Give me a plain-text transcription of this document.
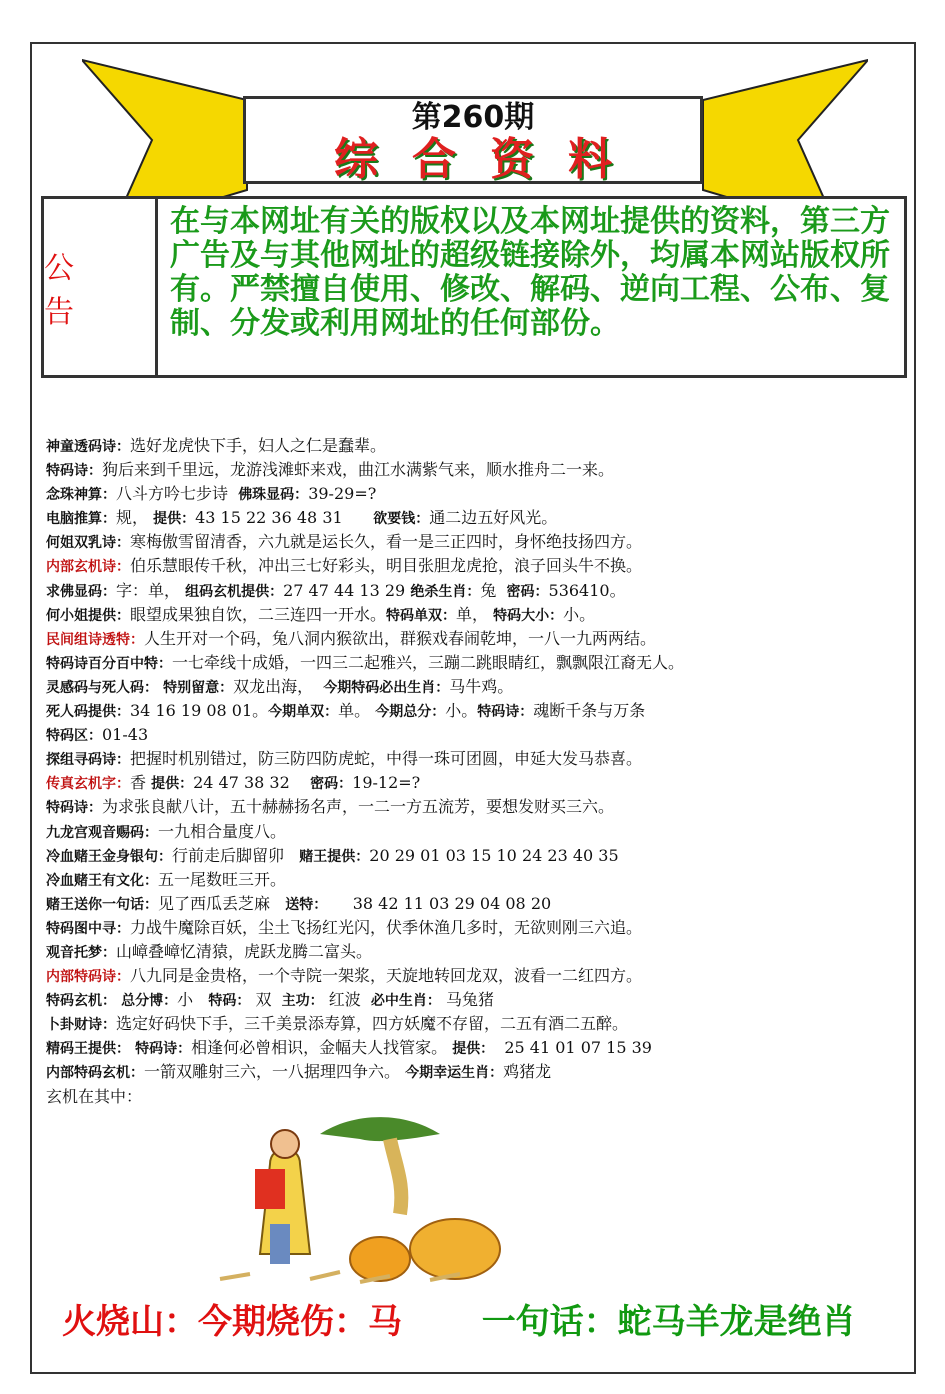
第260期
综合资料
公 告
在与本网址有关的版权以及本网址提供的资料，第三方广告及与其他网址的超级链接除外，均属本网站版权所有。严禁擅自使用、修改、解码、逆向工程、公布、复制、分发或利用网址的任何部份。
神童透码诗：选好龙虎快下手，妇人之仁是蠢辈。
特码诗：狗后来到千里远，龙游浅滩虾来戏，曲江水满紫气来，顺水推舟二一来。
念珠神算：八斗方吟七步诗  佛珠显码：39-29=?
电脑推算：规， 提供：43 15 22 36 48 31      欲要钱：通二边五好风光。
何姐双乳诗：寒梅傲雪留清香，六九就是运长久，看一是三正四时，身怀绝技扬四方。
内部玄机诗：伯乐慧眼传千秋，冲出三七好彩头，明目张胆龙虎抢，浪子回头牛不换。
求佛显码：字：单， 组码玄机提供：27 47 44 13 29 绝杀生肖：兔  密码：536410。
何小姐提供：眼望成果独自饮，二三连四一开水。特码单双：单， 特码大小：小。
民间组诗透特：人生开对一个码，兔八洞内猴欲出，群猴戏春闹乾坤，一八一九两两结。
特码诗百分百中特：一七牵线十成婚，一四三二起雅兴，三蹦二跳眼睛红，飘飘限江裔无人。
灵感码与死人码： 特别留意：双龙出海，  今期特码必出生肖：马牛鸡。
死人码提供：34 16 19 08 01。今期单双：单。 今期总分：小。特码诗：魂断千条与万条
特码区：01-43
探组寻码诗：把握时机别错过，防三防四防虎蛇，中得一珠可团圆，申延大发马恭喜。
传真玄机字：香 提供：24 47 38 32    密码：19-12=?
特码诗：为求张良献八计，五十赫赫扬名声，一二一方五流芳，要想发财买三六。
九龙宫观音赐码：一九相合量度八。
冷血赌王金身银句：行前走后脚留卯   赌王提供：20 29 01 03 15 10 24 23 40 35
冷血赌王有文化：五一尾数旺三开。
赌王送你一句话：见了西瓜丢芝麻   送特：     38 42 11 03 29 04 08 20
特码图中寻：力战牛魔除百妖，尘土飞扬红光闪，伏季休渔几多时，无欲则刚三六追。
观音托梦：山嶂叠嶂忆清猿，虎跃龙腾二富头。
内部特码诗：八九同是金贵格，一个寺院一架浆，天旋地转回龙双，波看一二红四方。
特码玄机： 总分博：小   特码： 双  主功： 红波  必中生肖： 马兔猪
卜卦财诗：选定好码快下手，三千美景添寿算，四方妖魔不存留，二五有酒二五醉。
精码王提供： 特码诗：相逢何必曾相识，金幅夫人找管家。 提供：  25 41 01 07 15 39
内部特码玄机：一箭双雕射三六，一八据理四争六。 今期幸运生肖：鸡猪龙
玄机在其中：
火烧山：今期烧伤：马 一句话：蛇马羊龙是绝肖
